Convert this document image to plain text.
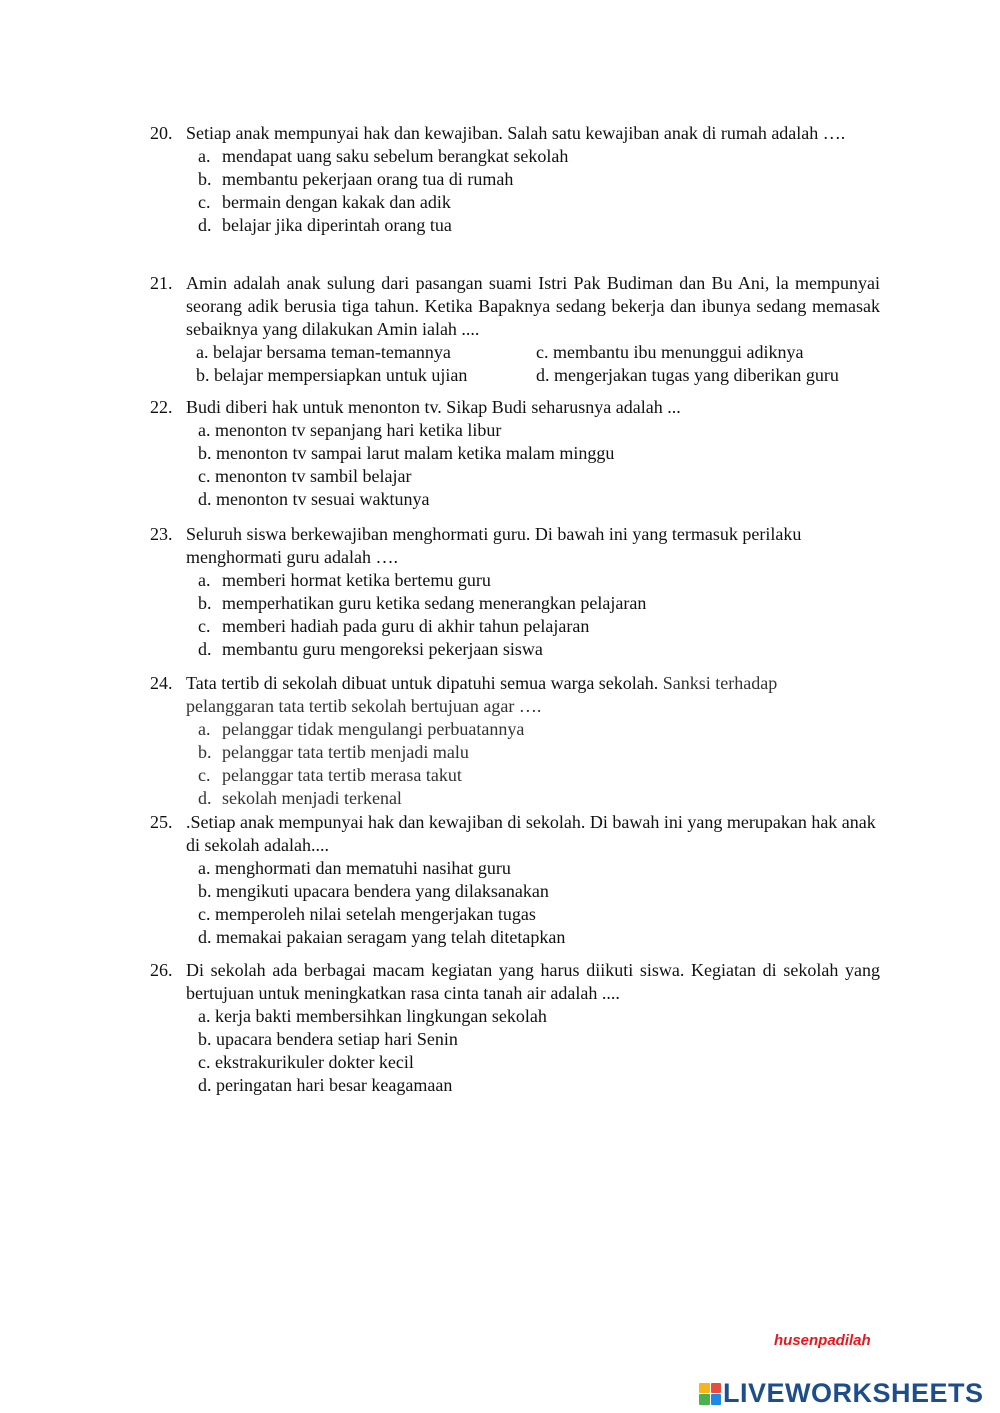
20. Setiap anak mempunyai hak dan kewajiban. Salah satu kewajiban anak di rumah adalah ….
a. mendapat uang saku sebelum berangkat sekolah
b. membantu pekerjaan orang tua di rumah
c. bermain dengan kakak dan adik
d. belajar jika diperintah orang tua
21. Amin adalah anak sulung dari pasangan suami Istri Pak Budiman dan Bu Ani, la mempunyai seorang adik berusia tiga tahun. Ketika Bapaknya sedang bekerja dan ibunya sedang memasak sebaiknya yang dilakukan Amin ialah ....
a. belajar bersama teman-temannya	c. membantu ibu menunggui adiknya
b. belajar mempersiapkan untuk ujian	d. mengerjakan tugas yang diberikan guru
22. Budi diberi hak untuk menonton tv. Sikap Budi seharusnya adalah ...
a. menonton tv sepanjang hari ketika libur
b. menonton tv sampai larut malam ketika malam minggu
c. menonton tv sambil belajar
d. menonton tv sesuai waktunya
23. Seluruh siswa berkewajiban menghormati guru. Di bawah ini yang termasuk perilaku menghormati guru adalah ….
a. memberi hormat ketika bertemu guru
b. memperhatikan guru ketika sedang menerangkan pelajaran
c. memberi hadiah pada guru di akhir tahun pelajaran
d. membantu guru mengoreksi pekerjaan siswa
24. Tata tertib di sekolah dibuat untuk dipatuhi semua warga sekolah. Sanksi terhadap pelanggaran tata tertib sekolah bertujuan agar ….
a. pelanggar tidak mengulangi perbuatannya
b. pelanggar tata tertib menjadi malu
c. pelanggar tata tertib merasa takut
d. sekolah menjadi terkenal
25. .Setiap anak mempunyai hak dan kewajiban di sekolah. Di bawah ini yang merupakan hak anak di sekolah adalah....
a. menghormati dan mematuhi nasihat guru
b. mengikuti upacara bendera yang dilaksanakan
c. memperoleh nilai setelah mengerjakan tugas
d. memakai pakaian seragam yang telah ditetapkan
26. Di sekolah ada berbagai macam kegiatan yang harus diikuti siswa. Kegiatan di sekolah yang bertujuan untuk meningkatkan rasa cinta tanah air adalah ....
a. kerja bakti membersihkan lingkungan sekolah
b. upacara bendera setiap hari Senin
c. ekstrakurikuler dokter kecil
d. peringatan hari besar keagamaan
husenpadilah
LIVEWORKSHEETS
